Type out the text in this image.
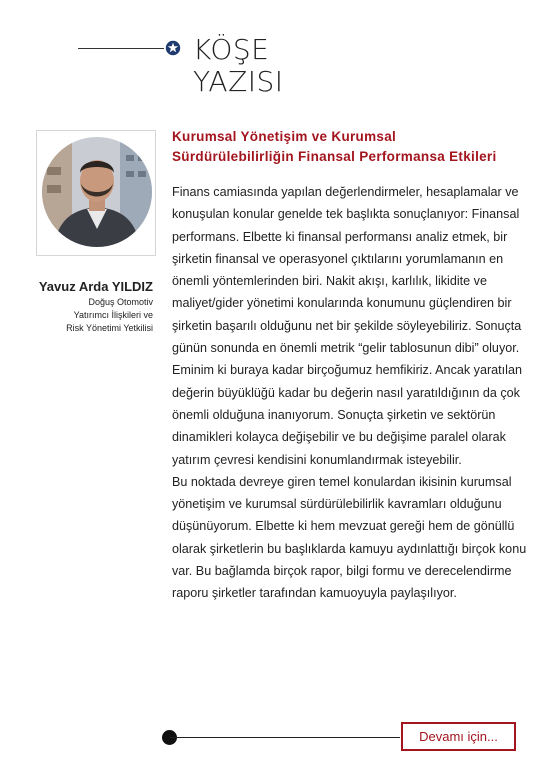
KÖŞE
YAZISI
Yavuz Arda YILDIZ
Doğuş Otomotiv
Yatırımcı İlişkileri ve
Risk Yönetimi Yetkilisi
Kurumsal Yönetişim ve Kurumsal
Sürdürülebilirliğin Finansal Performansa Etkileri

Finans camiasında yapılan değerlendirmeler, hesaplamalar ve konuşulan konular genelde tek başlıkta sonuçlanıyor: Finansal performans. Elbette ki finansal performansı analiz etmek, bir şirketin finansal ve operasyonel çıktılarını yorumlamanın en önemli yöntemlerinden biri. Nakit akışı, karlılık, likidite ve maliyet/gider yönetimi konularında konumunu güçlendiren bir şirketin başarılı olduğunu net bir şekilde söyleyebiliriz. Sonuçta günün sonunda en önemli metrik “gelir tablosunun dibi” oluyor.

Eminim ki buraya kadar birçoğumuz hemfikiriz. Ancak yaratılan değerin büyüklüğü kadar bu değerin nasıl yaratıldığının da çok önemli olduğuna inanıyorum. Sonuçta şirketin ve sektörün dinamikleri kolayca değişebilir ve bu değişime paralel olarak yatırım çevresi kendisini konumlandırmak isteyebilir.

Bu noktada devreye giren temel konulardan ikisinin kurumsal yönetişim ve kurumsal sürdürülebilirlik kavramları olduğunu düşünüyorum. Elbette ki hem mevzuat gereği hem de gönüllü olarak şirketlerin bu başlıklarda kamuyu aydınlattığı birçok konu var. Bu bağlamda birçok rapor, bilgi formu ve derecelendirme raporu şirketler tarafından kamuoyuyla paylaşılıyor.

Devamı için...
